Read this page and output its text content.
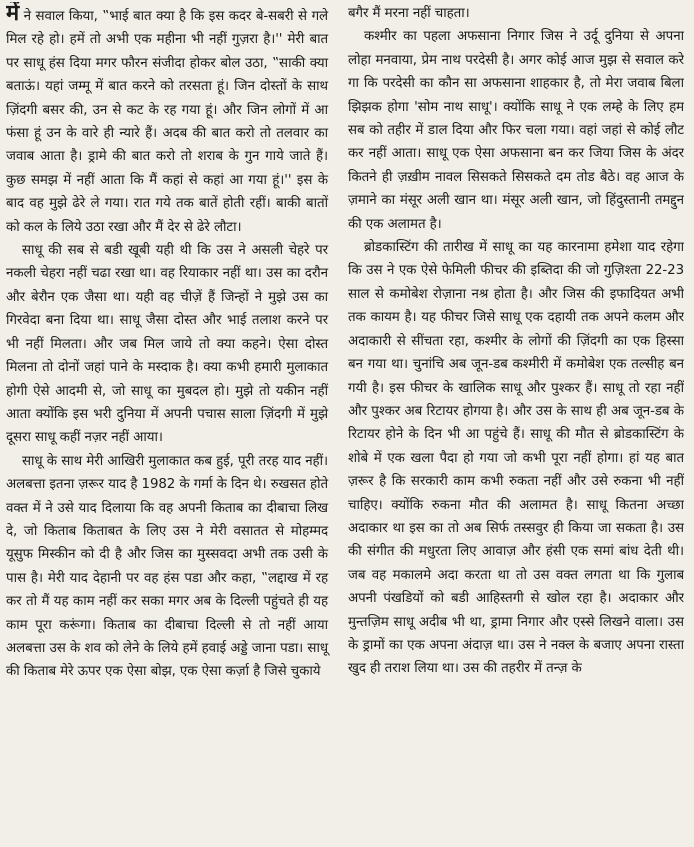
में ने सवाल किया, ‟भाई बात क्या है कि इस कदर बे-सबरी से गले मिल रहे हो। हमें तो अभी एक महीना भी नहीं गुज़रा है।'' मेरी बात पर साधू हंस दिया मगर फौरन संजीदा होकर बोल उठा, ‟साकी क्या बताऊं। यहां जम्मू में बात करने को तरसता हूं। जिन दोस्तों के साथ ज़िंदगी बसर की, उन से कट के रह गया हूं। और जिन लोगों में आ फंसा हूं उन के वारे ही न्यारे हैं। अदब की बात करो तो तलवार का जवाब आता है। ड्रामे की बात करो तो शराब के गुन गाये जाते हैं। कुछ समझ में नहीं आता कि मैं कहां से कहां आ गया हूं।'' इस के बाद वह मुझे ढेरे ले गया। रात गये तक बातें होती रहीं। बाकी बातों को कल के लिये उठा रखा और मैं देर से ढेरे लौटा।

साधू की सब से बडी खूबी यही थी कि उस ने असली चेहरे पर नकली चेहरा नहीं चढा रखा था। वह रियाकार नहीं था। उस का दरौन और बेरौन एक जैसा था। यही वह चीज़ें हैं जिन्हों ने मुझे उस का गिरवेदा बना दिया था। साधू जैसा दोस्त और भाई तलाश करने पर भी नहीं मिलता। और जब मिल जाये तो क्या कहने। ऐसा दोस्त मिलना तो दोनों जहां पाने के मस्दाक है। क्या कभी हमारी मुलाकात होगी ऐसे आदमी से, जो साधू का मुबदल हो। मुझे तो यकीन नहीं आता क्योंकि इस भरी दुनिया में अपनी पचास साला ज़िंदगी में मुझे दूसरा साधू कहीं नज़र नहीं आया।

साधू के साथ मेरी आखिरी मुलाकात कब हुई, पूरी तरह याद नहीं। अलबत्ता इतना ज़रूर याद है 1982 के गर्मा के दिन थे। रुखसत होते वक्त में ने उसे याद दिलाया कि वह अपनी किताब का दीबाचा लिख दे, जो किताब किताबत के लिए उस ने मेरी वसातत से मोहम्मद यूसुफ मिस्कीन को दी है और जिस का मुस्सवदा अभी तक उसी के पास है। मेरी याद देहानी पर वह हंस पडा और कहा, ‟लद्दाख में रह कर तो मैं यह काम नहीं कर सका मगर अब के दिल्ली पहुंचते ही यह काम पूरा करूंगा। किताब का दीबाचा दिल्ली से तो नहीं आया अलबत्ता उस के शव को लेने के लिये हमें हवाई अड्डे जाना पडा। साधू की किताब मेरे ऊपर एक ऐसा बोझ, एक ऐसा कर्ज़ा है जिसे चुकाये

बगैर मैं मरना नहीं चाहता।

कश्मीर का पहला अफसाना निगार जिस ने उर्दू दुनिया से अपना लोहा मनवाया, प्रेम नाथ परदेसी है। अगर कोई आज मुझ से सवाल करे गा कि परदेसी का कौन सा अफसाना शाहकार है, तो मेरा जवाब बिला झिझक होगा 'सोम नाथ साधू'। क्योंकि साधू ने एक लम्हे के लिए हम सब को तहीर में डाल दिया और फिर चला गया। वहां जहां से कोई लौट कर नहीं आता। साधू एक ऐसा अफसाना बन कर जिया जिस के अंदर कितने ही ज़ख़ीम नावल सिसकते सिसकते दम तोड बैठे। वह आज के ज़माने का मंसूर अली खान था। मंसूर अली खान, जो हिंदुस्तानी तमद्दुन की एक अलामत है।

ब्रोडकास्टिंग की तारीख में साधू का यह कारनामा हमेशा याद रहेगा कि उस ने एक ऐसे फेमिली फीचर की इब्तिदा की जो गुज़िश्ता 22-23 साल से कमोबेश रोज़ाना नश्र होता है। और जिस की इफादियत अभी तक कायम है। यह फीचर जिसे साधू एक दहायी तक अपने कलम और अदाकारी से सींचता रहा, कश्मीर के लोगों की ज़िंदगी का एक हिस्सा बन गया था। चुनांचि अब जून-डब कश्मीरी में कमोबेश एक तल्सीह बन गयी है। इस फीचर के खालिक साधू और पुश्कर हैं। साधू तो रहा नहीं और पुश्कर अब रिटायर होगया है। और उस के साथ ही अब जून-डब के रिटायर होने के दिन भी आ पहुंचे हैं। साधू की मौत से ब्रोडकास्टिंग के शोबे में एक खला पैदा हो गया जो कभी पूरा नहीं होगा। हां यह बात ज़रूर है कि सरकारी काम कभी रुकता नहीं और उसे रुकना भी नहीं चाहिए। क्योंकि रुकना मौत की अलामत है। साधू कितना अच्छा अदाकार था इस का तो अब सिर्फ तस्सवुर ही किया जा सकता है। उस की संगीत की मधुरता लिए आवाज़ और हंसी एक समां बांध देती थी। जब वह मकालमे अदा करता था तो उस वक्त लगता था कि गुलाब अपनी पंखडियों को बडी आहिस्तगी से खोल रहा है। अदाकार और मुन्तज़िम साधू अदीब भी था, ड्रामा निगार और एस्से लिखने वाला। उस के ड्रामों का एक अपना अंदाज़ था। उस ने नक्ल के बजाए अपना रास्ता खुद ही तराश लिया था। उस की तहरीर में तन्ज़ के
